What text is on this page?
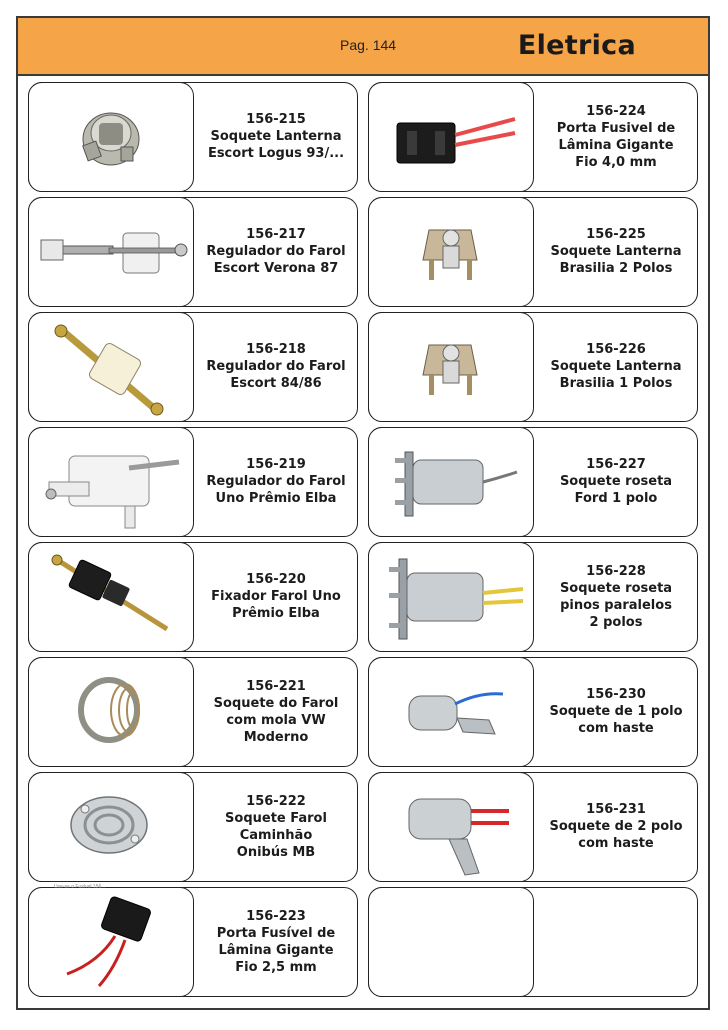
Pag. 144	Eletrica
156-215
Soquete Lanterna
Escort Logus 93/...
156-217
Regulador do Farol
Escort Verona 87
156-218
Regulador do Farol
Escort 84/86
156-219
Regulador do Farol
Uno Prêmio Elba
156-220
Fixador Farol Uno
Prêmio Elba
156-221
Soquete do Farol
com mola VW
Moderno
156-222
Soquete Farol
Caminhão
Onibús MB
156-223
Porta Fusível de
Lâmina Gigante
Fio 2,5 mm
Use-se o Fusível 156...
156-224
Porta Fusivel de
Lâmina Gigante
Fio 4,0 mm
156-225
Soquete Lanterna
Brasilia 2 Polos
156-226
Soquete Lanterna
Brasilia 1 Polos
156-227
Soquete roseta
Ford 1 polo
156-228
Soquete roseta
pinos paralelos
2 polos
156-230
Soquete de 1 polo
com haste
156-231
Soquete de 2 polo
com haste
